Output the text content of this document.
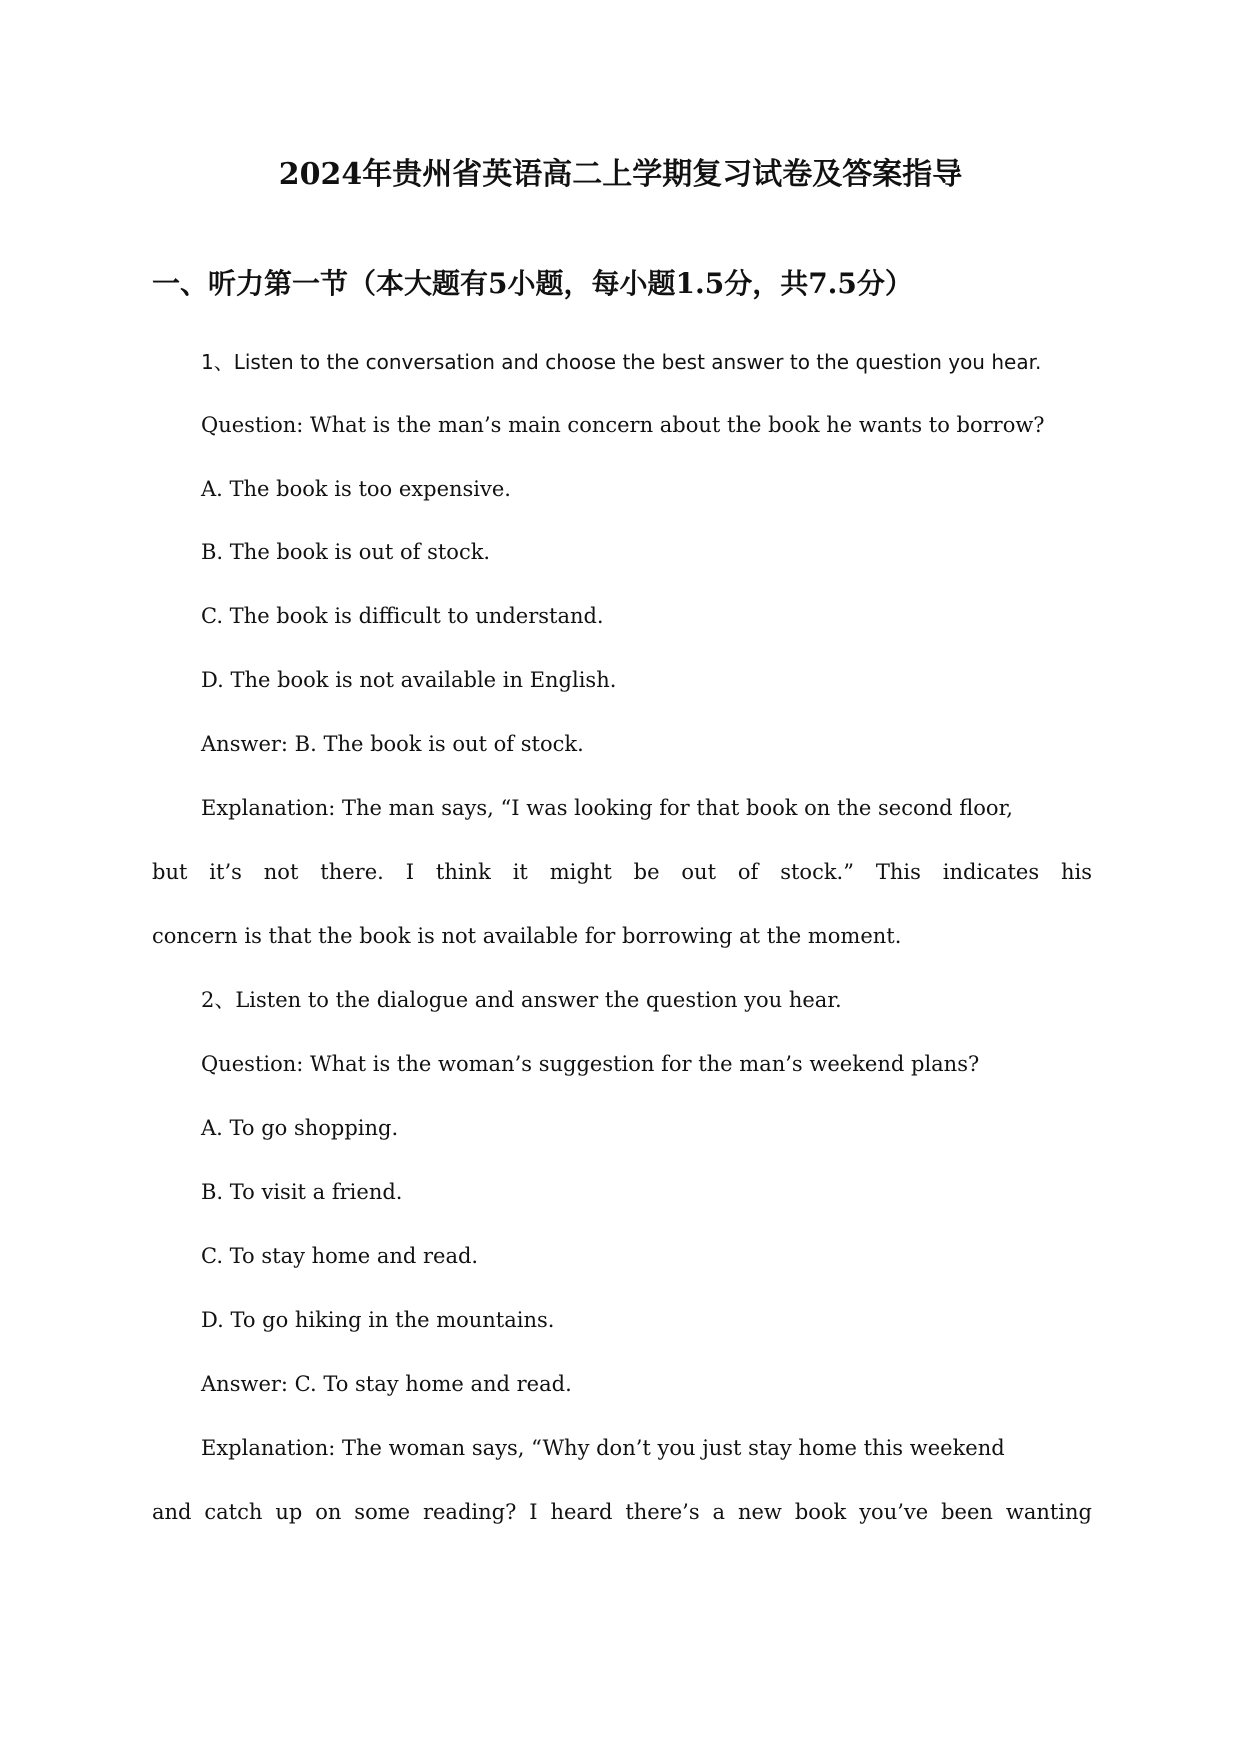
2024年贵州省英语高二上学期复习试卷及答案指导
一、听力第一节（本大题有5小题，每小题1.5分，共7.5分）

1、Listen to the conversation and choose the best answer to the question you hear.

Question: What is the man’s main concern about the book he wants to borrow?

A. The book is too expensive.

B. The book is out of stock.

C. The book is difficult to understand.

D. The book is not available in English.

Answer: B. The book is out of stock.

Explanation: The man says, “I was looking for that book on the second floor,

but it’s not there. I think it might be out of stock.” This indicates his

concern is that the book is not available for borrowing at the moment.

2、Listen to the dialogue and answer the question you hear.

Question: What is the woman’s suggestion for the man’s weekend plans?

A. To go shopping.

B. To visit a friend.

C. To stay home and read.

D. To go hiking in the mountains.

Answer: C. To stay home and read.

Explanation: The woman says, “Why don’t you just stay home this weekend

and catch up on some reading? I heard there’s a new book you’ve been wanting
